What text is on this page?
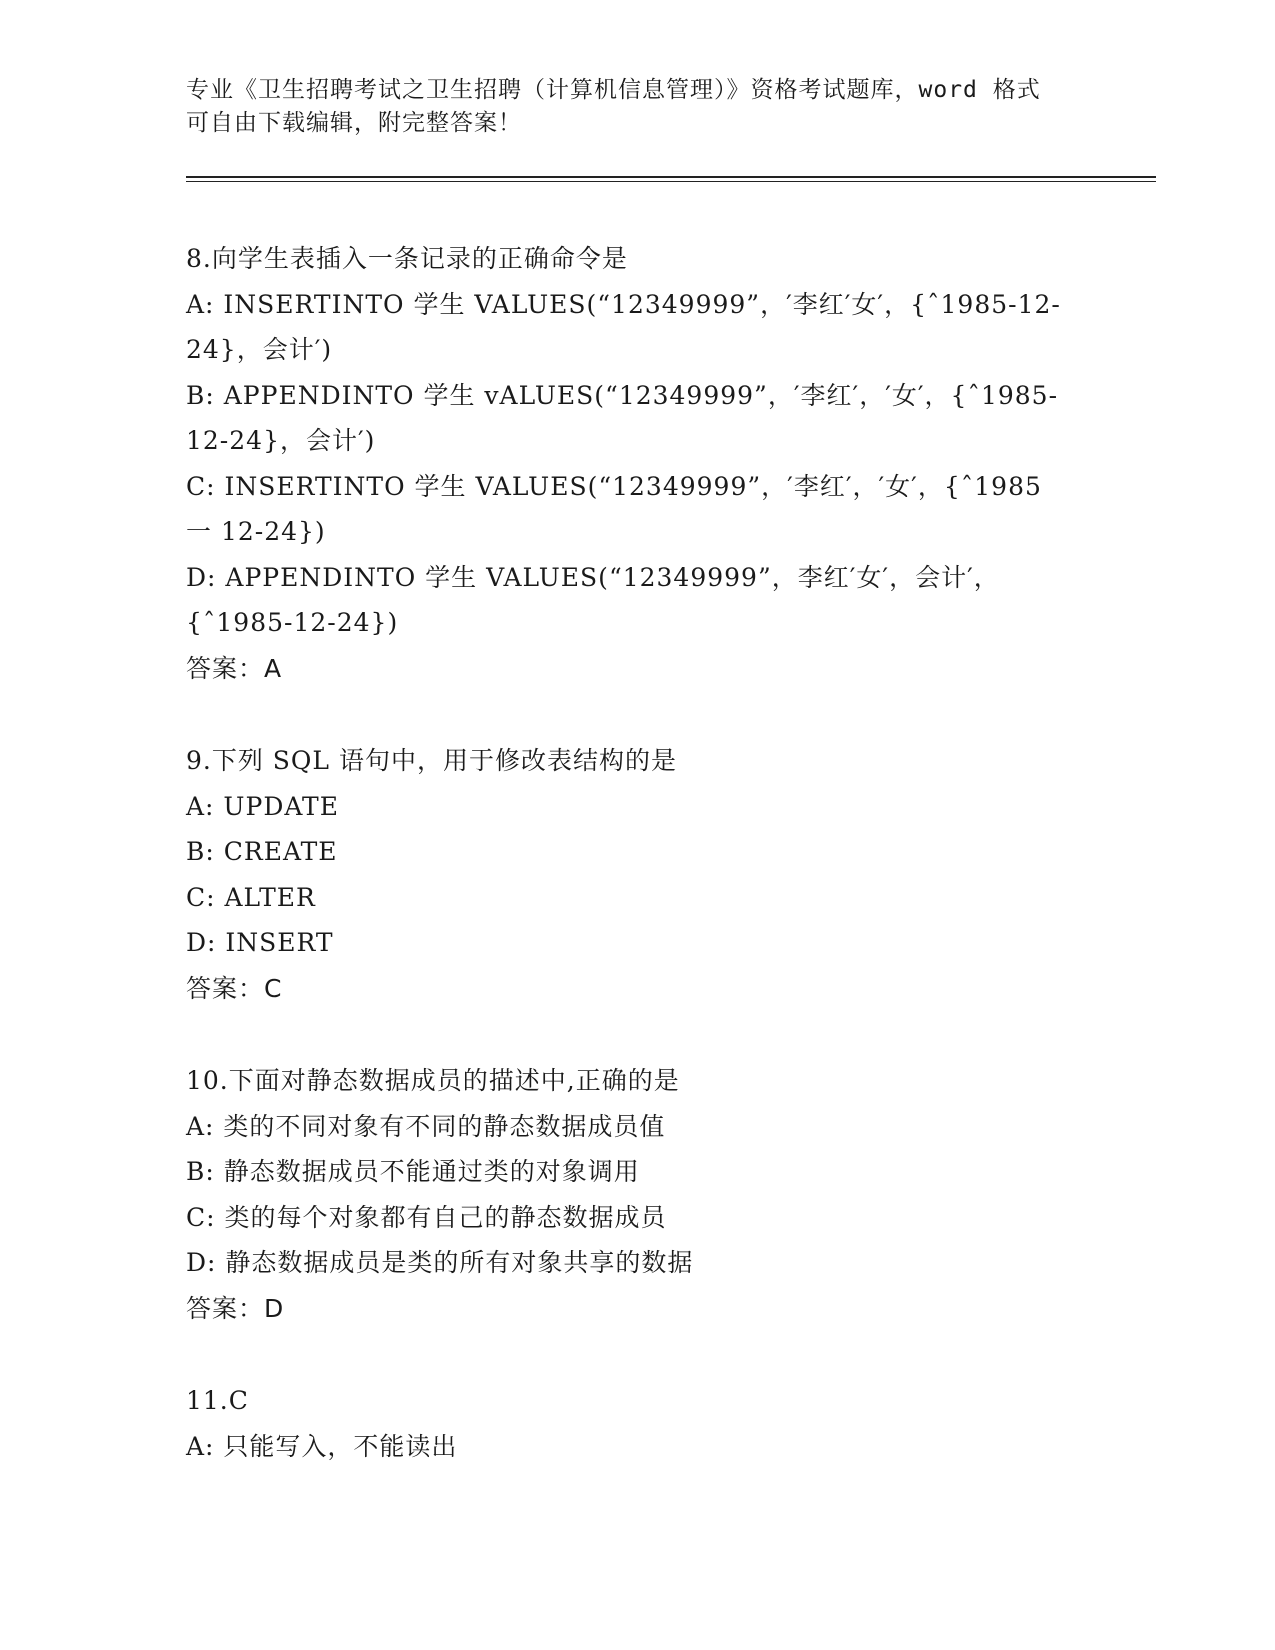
专业《卫生招聘考试之卫生招聘（计算机信息管理）》资格考试题库，word 格式
可自由下载编辑，附完整答案！
8.向学生表插入一条记录的正确命令是
A: INSERTINTO 学生 VALUES(“12349999”，′李红′女′，{ˆ1985-12-24}，会计′)
B: APPENDINTO 学生 vALUES(“12349999”，′李红′，′女′，{ˆ1985-12-24}，会计′)
C: INSERTINTO 学生 VALUES(“12349999”，′李红′，′女′，{ˆ1985 一 12-24})
D: APPENDINTO 学生 VALUES(“12349999”，李红′女′，会计′，{ˆ1985-12-24})
答案：A
9.下列 SQL 语句中，用于修改表结构的是
A: UPDATE
B: CREATE
C: ALTER
D: INSERT
答案：C
10.下面对静态数据成员的描述中,正确的是
A: 类的不同对象有不同的静态数据成员值
B: 静态数据成员不能通过类的对象调用
C: 类的每个对象都有自己的静态数据成员
D: 静态数据成员是类的所有对象共享的数据
答案：D
11.C
A: 只能写入，不能读出
